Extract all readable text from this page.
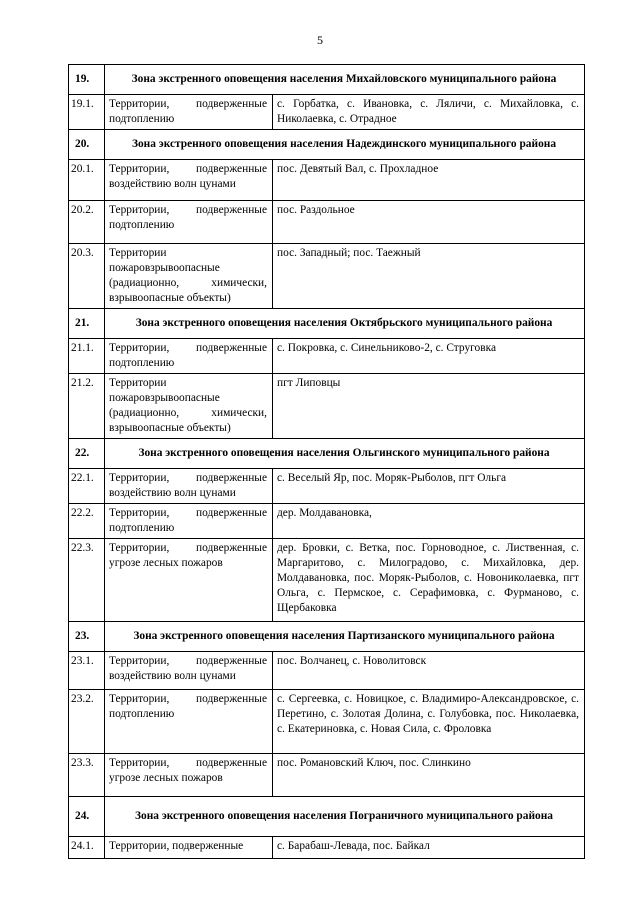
5
19.	Зона экстренного оповещения населения Михайловского муниципального района	
19.1.	Территории, подверженные подтоплению	с. Горбатка, с. Ивановка, с. Ляличи, с. Михайловка, с. Николаевка, с. Отрадное
20.	Зона экстренного оповещения населения Надеждинского муниципального района	
20.1.	Территории, подверженные воздействию волн цунами	пос. Девятый Вал, с. Прохладное
20.2.	Территории, подверженные подтоплению	пос. Раздольное
20.3.	Территории пожаровзрывоопасные (радиационно, химически, взрывоопасные объекты)	пос. Западный; пос. Таежный
21.	Зона экстренного оповещения населения Октябрьского муниципального района	
21.1.	Территории, подверженные подтоплению	с. Покровка, с. Синельниково-2, с. Струговка
21.2.	Территории пожаровзрывоопасные (радиационно, химически, взрывоопасные объекты)	пгт Липовцы
22.	Зона экстренного оповещения населения Ольгинского муниципального района	
22.1.	Территории, подверженные воздействию волн цунами	с. Веселый Яр, пос. Моряк-Рыболов, пгт Ольга
22.2.	Территории, подверженные подтоплению	дер. Молдавановка,
22.3.	Территории, подверженные угрозе лесных пожаров	дер. Бровки, с. Ветка, пос. Горноводное, с. Лиственная, с. Маргаритово, с. Милоградово, с. Михайловка, дер. Молдавановка, пос. Моряк-Рыболов, с. Новониколаевка, пгт Ольга, с. Пермское, с. Серафимовка, с. Фурманово, с. Щербаковка
23.	Зона экстренного оповещения населения Партизанского муниципального района	
23.1.	Территории, подверженные воздействию волн цунами	пос. Волчанец, с. Новолитовск
23.2.	Территории, подверженные подтоплению	с. Сергеевка, с. Новицкое, с. Владимиро-Александровское, с. Перетино, с. Золотая Долина, с. Голубовка, пос. Николаевка, с. Екатериновка, с. Новая Сила, с. Фроловка
23.3.	Территории, подверженные угрозе лесных пожаров	пос. Романовский Ключ, пос. Слинкино
24.	Зона экстренного оповещения населения Пограничного муниципального района	
24.1.	Территории, подверженные	с. Барабаш-Левада, пос. Байкал
